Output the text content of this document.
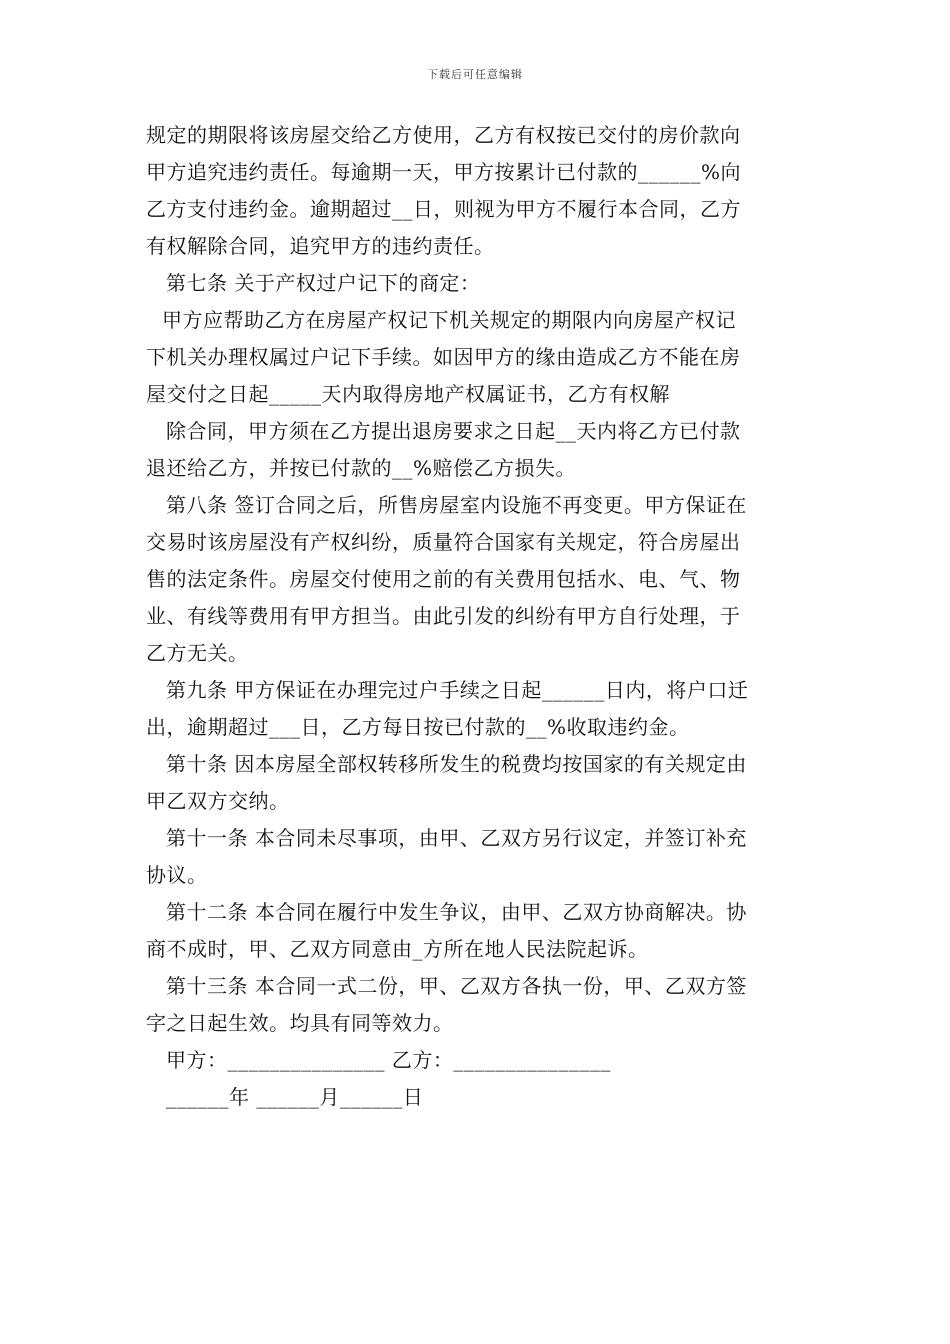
下载后可任意编辑
规定的期限将该房屋交给乙方使用，乙方有权按已交付的房价款向
甲方追究违约责任。每逾期一天，甲方按累计已付款的______%向
乙方支付违约金。逾期超过__日，则视为甲方不履行本合同，乙方
有权解除合同，追究甲方的违约责任。
第七条 关于产权过户记下的商定：
甲方应帮助乙方在房屋产权记下机关规定的期限内向房屋产权记
下机关办理权属过户记下手续。如因甲方的缘由造成乙方不能在房
屋交付之日起_____天内取得房地产权属证书，乙方有权解
除合同，甲方须在乙方提出退房要求之日起__天内将乙方已付款
退还给乙方，并按已付款的__%赔偿乙方损失。
第八条 签订合同之后，所售房屋室内设施不再变更。甲方保证在
交易时该房屋没有产权纠纷，质量符合国家有关规定，符合房屋出
售的法定条件。房屋交付使用之前的有关费用包括水、电、气、物
业、有线等费用有甲方担当。由此引发的纠纷有甲方自行处理，于
乙方无关。
第九条 甲方保证在办理完过户手续之日起______日内，将户口迁
出，逾期超过___日，乙方每日按已付款的__%收取违约金。
第十条 因本房屋全部权转移所发生的税费均按国家的有关规定由
甲乙双方交纳。
第十一条 本合同未尽事项，由甲、乙双方另行议定，并签订补充
协议。
第十二条 本合同在履行中发生争议，由甲、乙双方协商解决。协
商不成时，甲、乙双方同意由_方所在地人民法院起诉。
第十三条 本合同一式二份，甲、乙双方各执一份，甲、乙双方签
字之日起生效。均具有同等效力。
甲方：_______________ 乙方：_______________
______年 ______月______日
